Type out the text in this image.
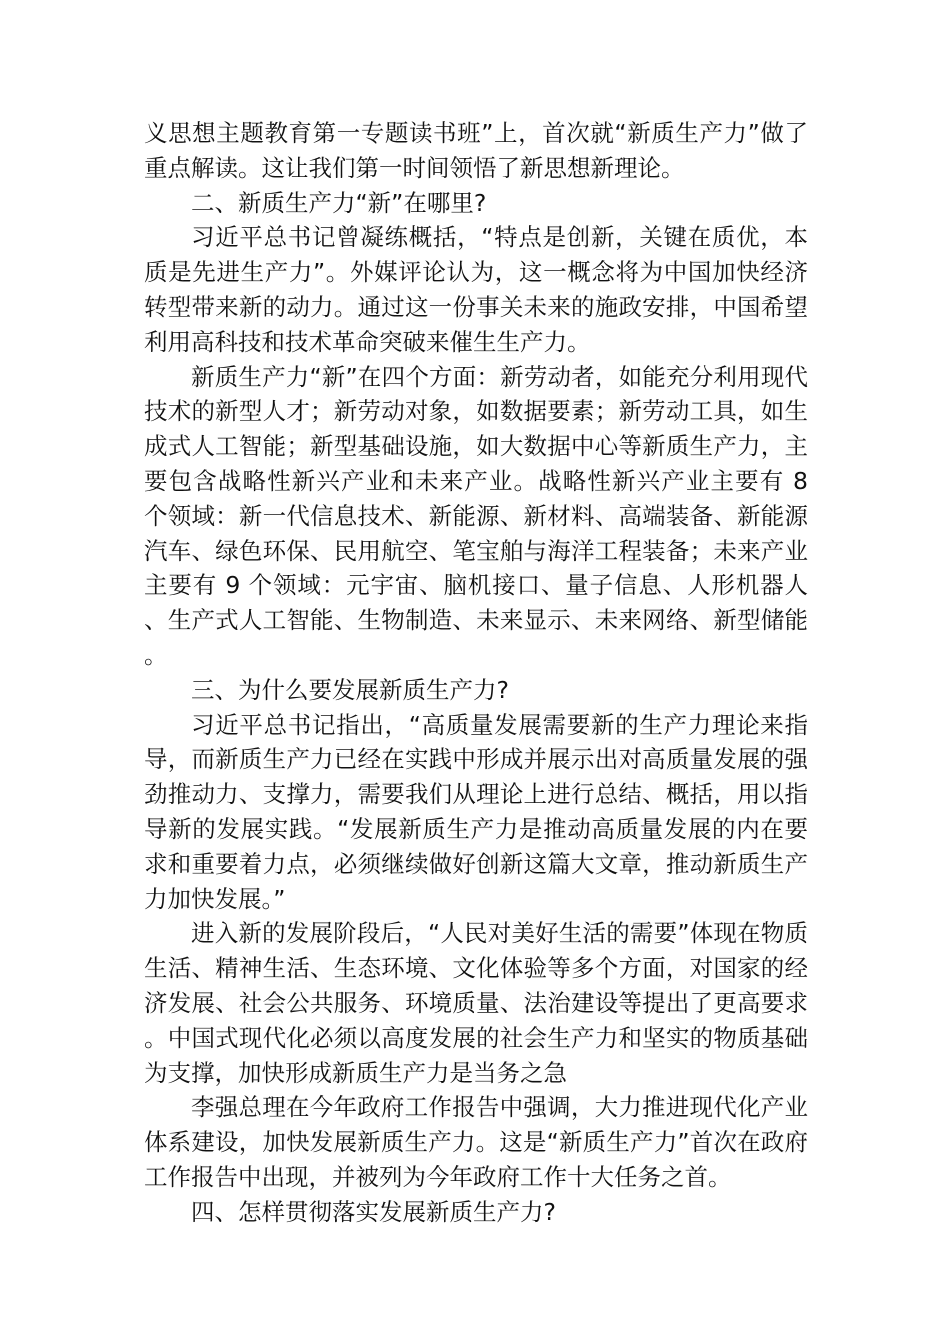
义思想主题教育第一专题读书班”上，首次就“新质生产力”做了重点解读。这让我们第一时间领悟了新思想新理论。

二、新质生产力“新”在哪里?

习近平总书记曾凝练概括，“特点是创新，关键在质优，本质是先进生产力”。外媒评论认为，这一概念将为中国加快经济转型带来新的动力。通过这一份事关未来的施政安排，中国希望利用高科技和技术革命突破来催生生产力。

新质生产力“新”在四个方面：新劳动者，如能充分利用现代技术的新型人才；新劳动对象，如数据要素；新劳动工具，如生成式人工智能；新型基础设施，如大数据中心等新质生产力，主要包含战略性新兴产业和未来产业。战略性新兴产业主要有 8 个领域：新一代信息技术、新能源、新材料、高端装备、新能源汽车、绿色环保、民用航空、笔宝舶与海洋工程装备；未来产业主要有 9 个领域：元宇宙、脑机接口、量子信息、人形机器人、生产式人工智能、生物制造、未来显示、未来网络、新型储能。

三、为什么要发展新质生产力?

习近平总书记指出，“高质量发展需要新的生产力理论来指导，而新质生产力已经在实践中形成并展示出对高质量发展的强劲推动力、支撑力，需要我们从理论上进行总结、概括，用以指导新的发展实践。“发展新质生产力是推动高质量发展的内在要求和重要着力点，必须继续做好创新这篇大文章，推动新质生产力加快发展。”

进入新的发展阶段后，“人民对美好生活的需要”体现在物质生活、精神生活、生态环境、文化体验等多个方面，对国家的经济发展、社会公共服务、环境质量、法治建设等提出了更高要求。中国式现代化必须以高度发展的社会生产力和坚实的物质基础为支撑，加快形成新质生产力是当务之急

李强总理在今年政府工作报告中强调，大力推进现代化产业体系建设，加快发展新质生产力。这是“新质生产力”首次在政府工作报告中出现，并被列为今年政府工作十大任务之首。

四、怎样贯彻落实发展新质生产力?
